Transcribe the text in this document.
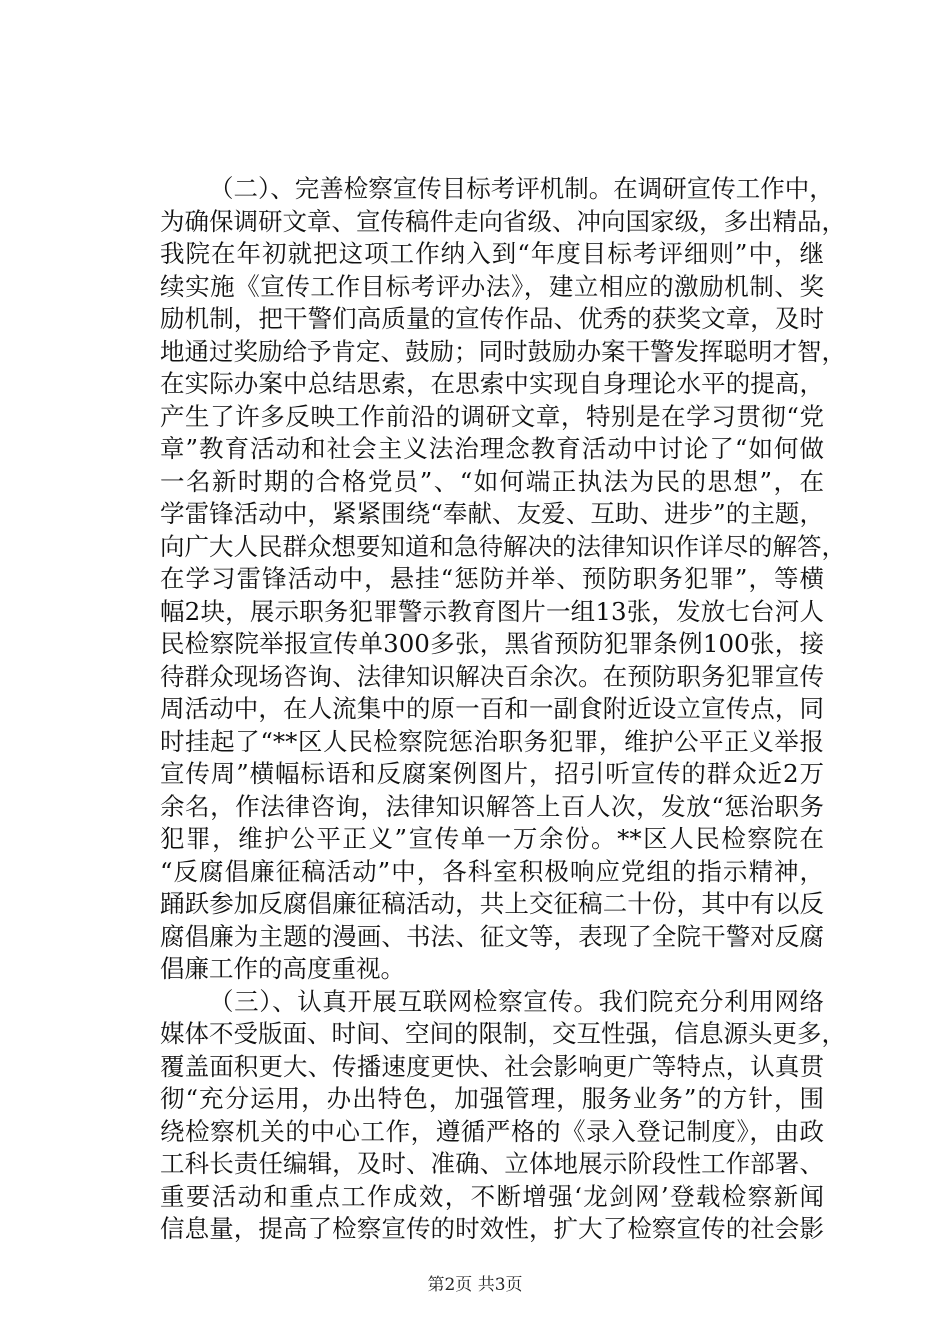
（二）、完善检察宣传目标考评机制。在调研宣传工作中，
为确保调研文章、宣传稿件走向省级、冲向国家级，多出精品，
我院在年初就把这项工作纳入到“年度目标考评细则”中，继
续实施《宣传工作目标考评办法》，建立相应的激励机制、奖
励机制，把干警们高质量的宣传作品、优秀的获奖文章，及时
地通过奖励给予肯定、鼓励；同时鼓励办案干警发挥聪明才智，
在实际办案中总结思索，在思索中实现自身理论水平的提高，
产生了许多反映工作前沿的调研文章，特别是在学习贯彻“党
章”教育活动和社会主义法治理念教育活动中讨论了“如何做
一名新时期的合格党员”、“如何端正执法为民的思想”，在
学雷锋活动中，紧紧围绕“奉献、友爱、互助、进步”的主题，
向广大人民群众想要知道和急待解决的法律知识作详尽的解答，
在学习雷锋活动中，悬挂“惩防并举、预防职务犯罪”，等横
幅2块，展示职务犯罪警示教育图片一组13张，发放七台河人
民检察院举报宣传单300多张，黑省预防犯罪条例100张，接
待群众现场咨询、法律知识解决百余次。在预防职务犯罪宣传
周活动中，在人流集中的原一百和一副食附近设立宣传点，同
时挂起了“**区人民检察院惩治职务犯罪，维护公平正义举报
宣传周”横幅标语和反腐案例图片，招引听宣传的群众近2万
余名，作法律咨询，法律知识解答上百人次，发放“惩治职务
犯罪，维护公平正义”宣传单一万余份。**区人民检察院在
“反腐倡廉征稿活动”中，各科室积极响应党组的指示精神，
踊跃参加反腐倡廉征稿活动，共上交征稿二十份，其中有以反
腐倡廉为主题的漫画、书法、征文等，表现了全院干警对反腐
倡廉工作的高度重视。
（三）、认真开展互联网检察宣传。我们院充分利用网络
媒体不受版面、时间、空间的限制，交互性强，信息源头更多，
覆盖面积更大、传播速度更快、社会影响更广等特点，认真贯
彻“充分运用，办出特色，加强管理，服务业务”的方针，围
绕检察机关的中心工作，遵循严格的《录入登记制度》，由政
工科长责任编辑，及时、准确、立体地展示阶段性工作部署、
重要活动和重点工作成效，不断增强‘龙剑网’登载检察新闻
信息量，提高了检察宣传的时效性，扩大了检察宣传的社会影
第2页 共3页
